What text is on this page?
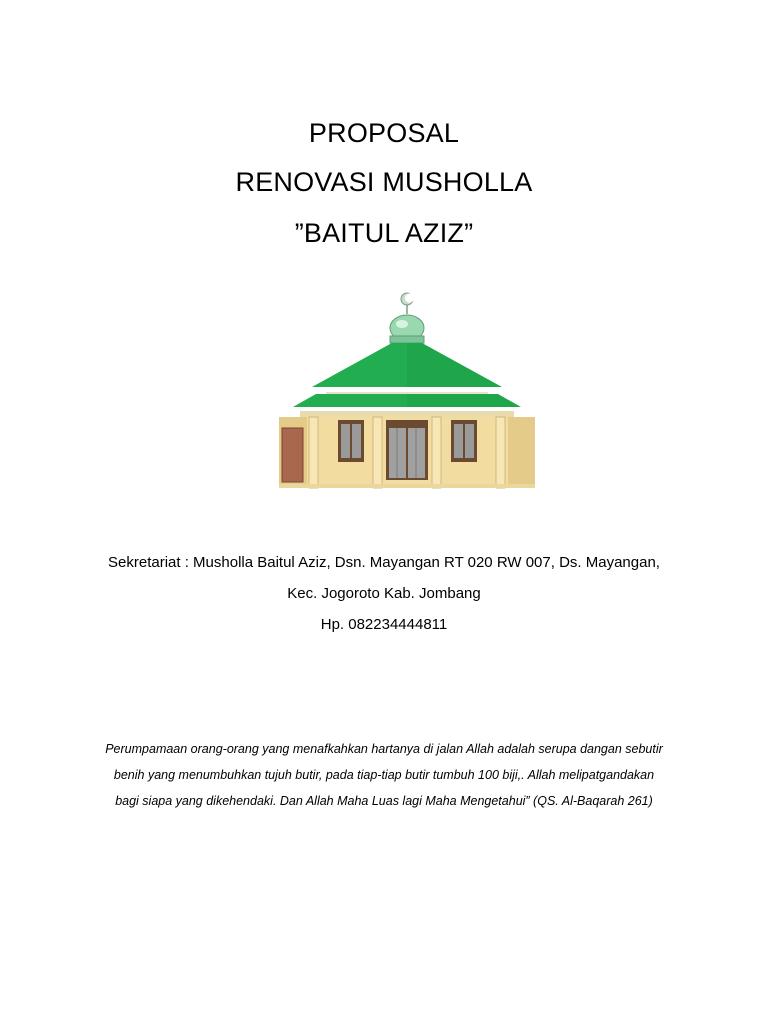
PROPOSAL
RENOVASI MUSHOLLA
”BAITUL AZIZ”

Sekretariat : Musholla Baitul Aziz, Dsn. Mayangan RT 020 RW 007, Ds. Mayangan,

Kec. Jogoroto Kab. Jombang

Hp. 082234444811

Perumpamaan orang-orang yang menafkahkan hartanya di jalan Allah adalah serupa dangan sebutir

benih yang menumbuhkan tujuh butir, pada tiap-tiap butir tumbuh 100 biji,. Allah melipatgandakan

bagi siapa yang dikehendaki. Dan Allah Maha Luas lagi Maha Mengetahui” (QS. Al-Baqarah 261)
